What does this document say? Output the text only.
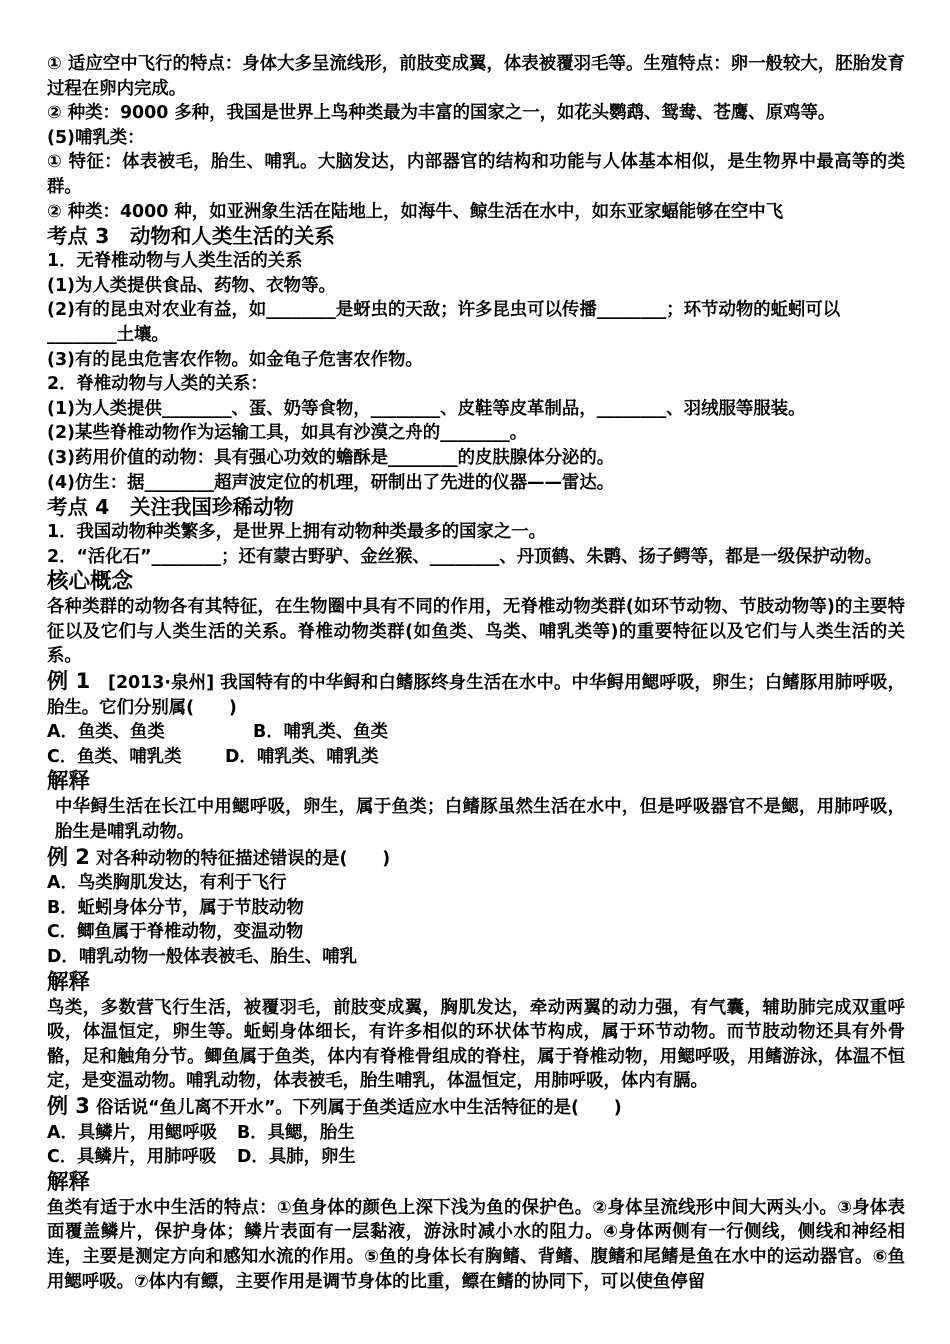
① 适应空中飞行的特点：身体大多呈流线形，前肢变成翼，体表被覆羽毛等。生殖特点：卵一般较大，胚胎发育过程在卵内完成。

② 种类：9000 多种，我国是世界上鸟种类最为丰富的国家之一，如花头鹦鹉、鸳鸯、苍鹰、原鸡等。

(5)哺乳类：

① 特征：体表被毛，胎生、哺乳。大脑发达，内部器官的结构和功能与人体基本相似，是生物界中最高等的类群。

② 种类：4000 种，如亚洲象生活在陆地上，如海牛、鲸生活在水中，如东亚家蝠能够在空中飞

考点 3　动物和人类生活的关系

1．无脊椎动物与人类生活的关系

(1)为人类提供食品、药物、衣物等。

(2)有的昆虫对农业有益，如________是蚜虫的天敌；许多昆虫可以传播________；环节动物的蚯蚓可以________土壤。

(3)有的昆虫危害农作物。如金龟子危害农作物。

2．脊椎动物与人类的关系：

(1)为人类提供________、蛋、奶等食物，________、皮鞋等皮革制品，________、羽绒服等服装。

(2)某些脊椎动物作为运输工具，如具有沙漠之舟的________。

(3)药用价值的动物：具有强心功效的蟾酥是________的皮肤腺体分泌的。

(4)仿生：据________超声波定位的机理，研制出了先进的仪器——雷达。

考点 4　关注我国珍稀动物

1．我国动物种类繁多，是世界上拥有动物种类最多的国家之一。

2．“活化石”________；还有蒙古野驴、金丝猴、________、丹顶鹤、朱鹮、扬子鳄等，都是一级保护动物。

核心概念

各种类群的动物各有其特征，在生物圈中具有不同的作用，无脊椎动物类群(如环节动物、节肢动物等)的主要特征以及它们与人类生活的关系。脊椎动物类群(如鱼类、鸟类、哺乳类等)的重要特征以及它们与人类生活的关系。

例 1　[2013·泉州] 我国特有的中华鲟和白鳍豚终身生活在水中。中华鲟用鳃呼吸，卵生；白鳍豚用肺呼吸，胎生。它们分别属(　　)

A．鱼类、鱼类	B．哺乳类、鱼类
C．鱼类、哺乳类	D．哺乳类、哺乳类

解释

中华鲟生活在长江中用鳃呼吸，卵生，属于鱼类；白鳍豚虽然生活在水中，但是呼吸器官不是鳃，用肺呼吸，胎生是哺乳动物。

例 2 对各种动物的特征描述错误的是(　　)

A．鸟类胸肌发达，有利于飞行

B．蚯蚓身体分节，属于节肢动物

C．鲫鱼属于脊椎动物，变温动物

D．哺乳动物一般体表被毛、胎生、哺乳

解释

鸟类，多数营飞行生活，被覆羽毛，前肢变成翼，胸肌发达，牵动两翼的动力强，有气囊，辅助肺完成双重呼吸，体温恒定，卵生等。蚯蚓身体细长，有许多相似的环状体节构成，属于环节动物。而节肢动物还具有外骨骼，足和触角分节。鲫鱼属于鱼类，体内有脊椎骨组成的脊柱，属于脊椎动物，用鳃呼吸，用鳍游泳，体温不恒定，是变温动物。哺乳动物，体表被毛，胎生哺乳，体温恒定，用肺呼吸，体内有膈。

例 3 俗话说“鱼儿离不开水”。下列属于鱼类适应水中生活特征的是(　　)

A．具鳞片，用鳃呼吸	B．具鳃，胎生
C．具鳞片，用肺呼吸	D．具肺，卵生

解释

鱼类有适于水中生活的特点：①鱼身体的颜色上深下浅为鱼的保护色。②身体呈流线形中间大两头小。③身体表面覆盖鳞片，保护身体；鳞片表面有一层黏液，游泳时减小水的阻力。④身体两侧有一行侧线，侧线和神经相连，主要是测定方向和感知水流的作用。⑤鱼的身体长有胸鳍、背鳍、腹鳍和尾鳍是鱼在水中的运动器官。⑥鱼用鳃呼吸。⑦体内有鳔，主要作用是调节身体的比重，鳔在鳍的协同下，可以使鱼停留
